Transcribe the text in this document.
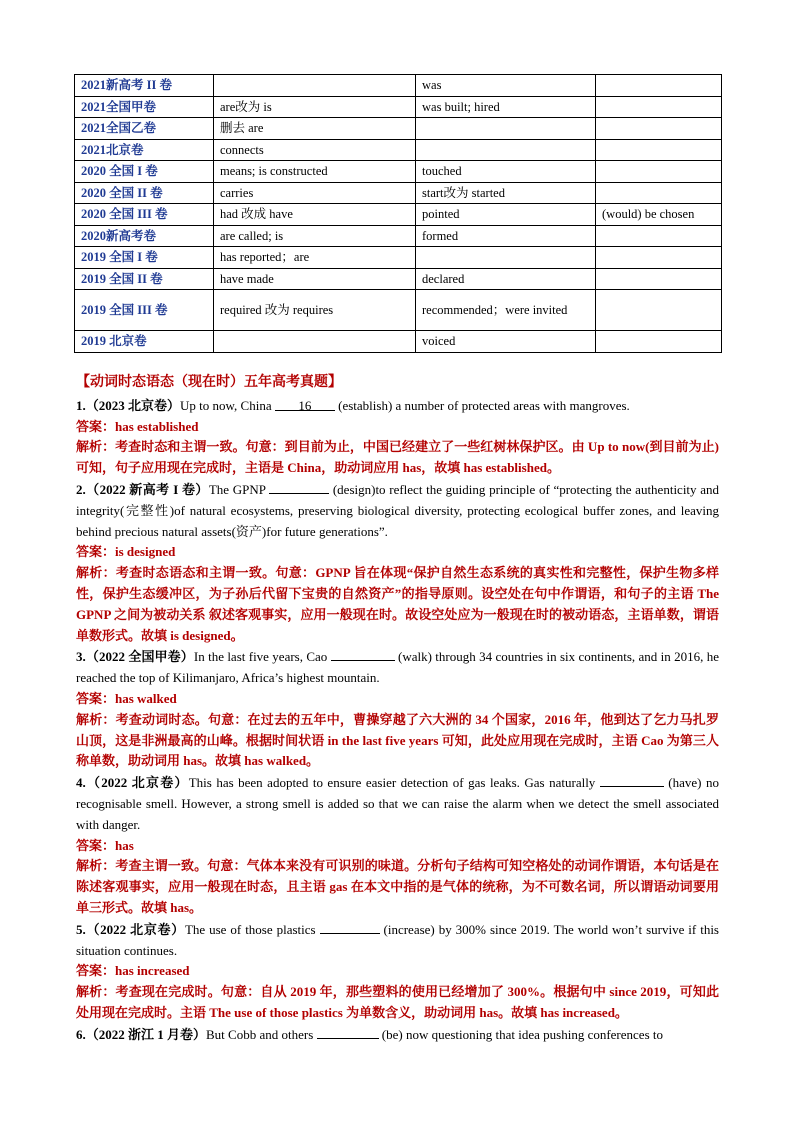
2021新高考 II 卷		was	
2021全国甲卷	are改为 is	was built; hired	
2021全国乙卷	删去 are		
2021北京卷	connects		
2020 全国 I 卷	means; is constructed	touched	
2020 全国 II 卷	carries	start改为 started	
2020 全国 III 卷	had 改成 have	pointed	(would) be chosen
2020新高考卷	are called; is	formed	
2019 全国 I 卷	has reported；are		
2019 全国 II 卷	have made	declared	
2019 全国 III 卷	required 改为 requires	recommended；were invited	
2019 北京卷		voiced	

【动词时态语态（现在时）五年高考真题】

1.（2023 北京卷）Up to now, China 16 (establish) a number of protected areas with mangroves.

答案：has established

解析：考查时态和主谓一致。句意：到目前为止，中国已经建立了一些红树林保护区。由 Up to now(到目前为止)可知，句子应用现在完成时，主语是 China，助动词应用 has，故填 has established。

2.（2022 新高考 I 卷）The GPNP	(design)to reflect the guiding principle of “protecting the authenticity and integrity(完整性)of natural ecosystems, preserving biological diversity, protecting ecological buffer zones, and leaving behind precious natural assets(资产)for future generations”.

答案：is designed

解析：考查时态语态和主谓一致。句意：GPNP 旨在体现“保护自然生态系统的真实性和完整性，保护生物多样性，保护生态缓冲区，为子孙后代留下宝贵的自然资产”的指导原则。设空处在句中作谓语，和句子的主语 The GPNP 之间为被动关系 叙述客观事实，应用一般现在时。故设空处应为一般现在时的被动语态，主语单数，谓语单数形式。故填 is designed。

3.（2022 全国甲卷）In the last five years, Cao	(walk) through 34 countries in six continents, and in 2016, he reached the top of Kilimanjaro, Africa’s highest mountain.

答案：has walked

解析：考查动词时态。句意：在过去的五年中，曹操穿越了六大洲的 34 个国家，2016 年，他到达了乞力马扎罗山顶，这是非洲最高的山峰。根据时间状语 in the last five years 可知，此处应用现在完成时，主语 Cao 为第三人称单数，助动词用 has。故填 has walked。

4.（2022 北京卷）This has been adopted to ensure easier detection of gas leaks. Gas naturally	(have) no recognisable smell. However, a strong smell is added so that we can raise the alarm when we detect the smell associated with danger.

答案：has

解析：考查主谓一致。句意：气体本来没有可识别的味道。分析句子结构可知空格处的动词作谓语，本句话是在陈述客观事实，应用一般现在时态，且主语 gas 在本文中指的是气体的统称，为不可数名词，所以谓语动词要用单三形式。故填 has。

5.（2022 北京卷）The use of those plastics	(increase) by 300% since 2019. The world won’t survive if this situation continues.

答案：has increased

解析：考查现在完成时。句意：自从 2019 年，那些塑料的使用已经增加了 300%。根据句中 since 2019，可知此处用现在完成时。主语 The use of those plastics 为单数含义，助动词用 has。故填 has increased。

6.（2022 浙江 1 月卷）But Cobb and others	(be) now questioning that idea pushing conferences to
